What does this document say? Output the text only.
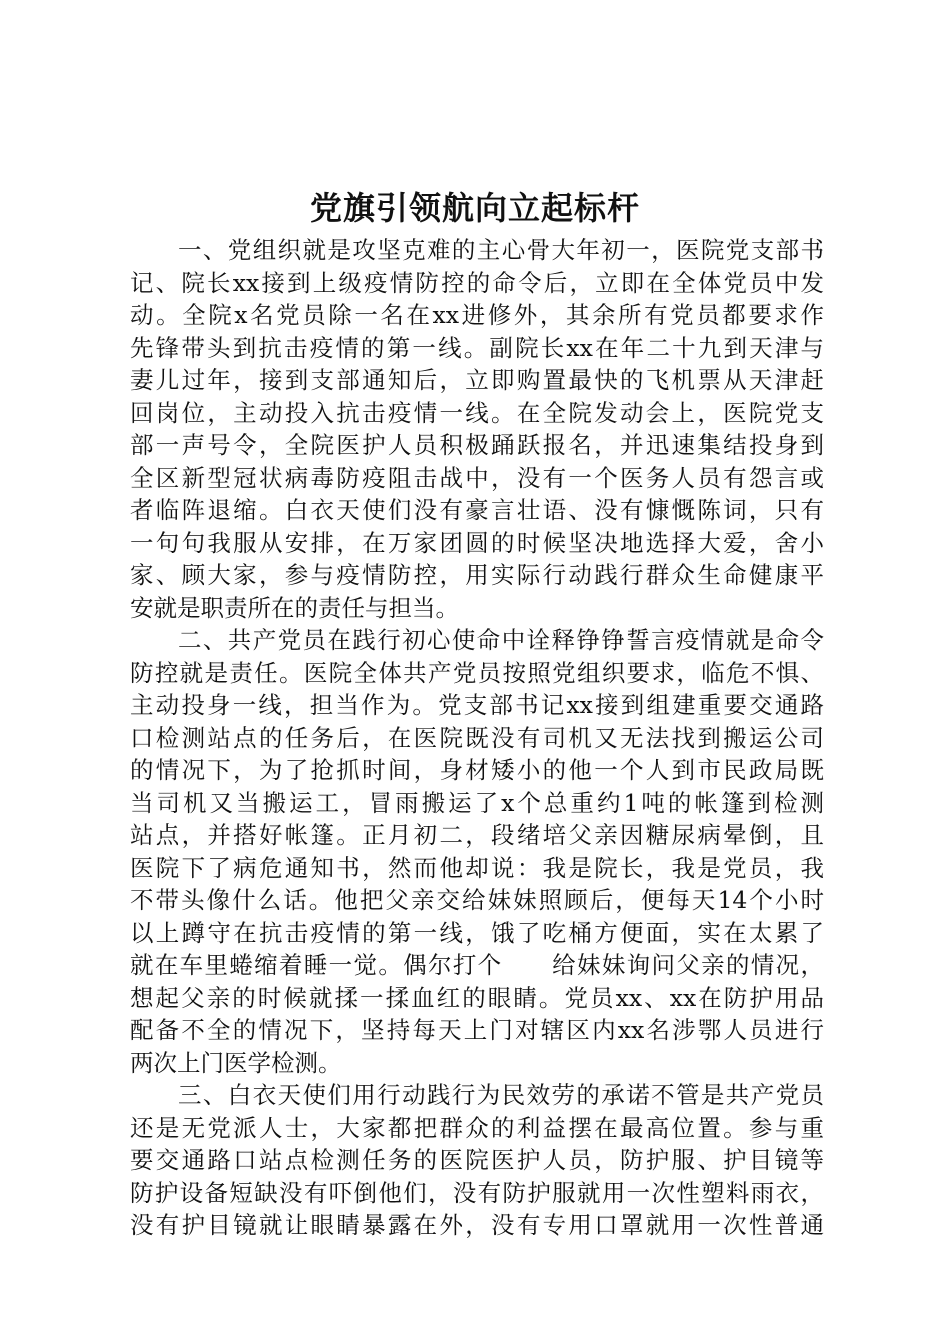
党旗引领航向立起标杆
一、党组织就是攻坚克难的主心骨大年初一，医院党支部书
记、院长xx接到上级疫情防控的命令后，立即在全体党员中发
动。全院x名党员除一名在xx进修外，其余所有党员都要求作
先锋带头到抗击疫情的第一线。副院长xx在年二十九到天津与
妻儿过年，接到支部通知后，立即购置最快的飞机票从天津赶
回岗位，主动投入抗击疫情一线。在全院发动会上，医院党支
部一声号令，全院医护人员积极踊跃报名，并迅速集结投身到
全区新型冠状病毒防疫阻击战中，没有一个医务人员有怨言或
者临阵退缩。白衣天使们没有豪言壮语、没有慷慨陈词，只有
一句句我服从安排，在万家团圆的时候坚决地选择大爱，舍小
家、顾大家，参与疫情防控，用实际行动践行群众生命健康平
安就是职责所在的责任与担当。
二、共产党员在践行初心使命中诠释铮铮誓言疫情就是命令
防控就是责任。医院全体共产党员按照党组织要求，临危不惧、
主动投身一线，担当作为。党支部书记xx接到组建重要交通路
口检测站点的任务后，在医院既没有司机又无法找到搬运公司
的情况下，为了抢抓时间，身材矮小的他一个人到市民政局既
当司机又当搬运工，冒雨搬运了x个总重约1吨的帐篷到检测
站点，并搭好帐篷。正月初二，段绪培父亲因糖尿病晕倒，且
医院下了病危通知书，然而他却说：我是院长，我是党员，我
不带头像什么话。他把父亲交给妹妹照顾后，便每天14个小时
以上蹲守在抗击疫情的第一线，饿了吃桶方便面，实在太累了
就在车里蜷缩着睡一觉。偶尔打个　　给妹妹询问父亲的情况，
想起父亲的时候就揉一揉血红的眼睛。党员xx、xx在防护用品
配备不全的情况下，坚持每天上门对辖区内xx名涉鄂人员进行
两次上门医学检测。
三、白衣天使们用行动践行为民效劳的承诺不管是共产党员
还是无党派人士，大家都把群众的利益摆在最高位置。参与重
要交通路口站点检测任务的医院医护人员，防护服、护目镜等
防护设备短缺没有吓倒他们，没有防护服就用一次性塑料雨衣，
没有护目镜就让眼睛暴露在外，没有专用口罩就用一次性普通
